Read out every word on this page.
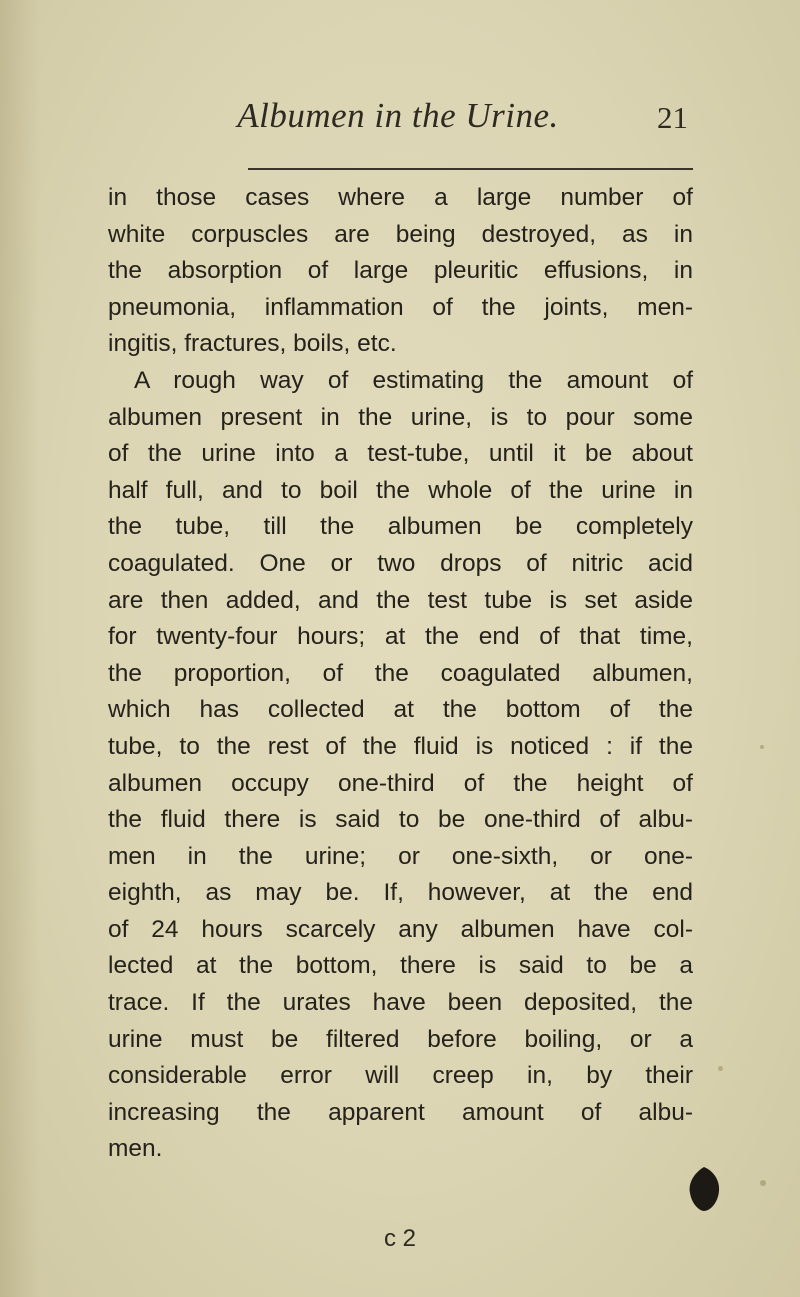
Albumen in the Urine.	21
in those cases where a large number of
white corpuscles are being destroyed, as in
the absorption of large pleuritic effusions, in
pneumonia, inflammation of the joints, men-
ingitis, fractures, boils, etc.
A rough way of estimating the amount of
albumen present in the urine, is to pour some
of the urine into a test-tube, until it be about
half full, and to boil the whole of the urine in
the tube, till the albumen be completely
coagulated. One or two drops of nitric acid
are then added, and the test tube is set aside
for twenty-four hours; at the end of that time,
the proportion, of the coagulated albumen,
which has collected at the bottom of the
tube, to the rest of the fluid is noticed : if the
albumen occupy one-third of the height of
the fluid there is said to be one-third of albu-
men in the urine; or one-sixth, or one-
eighth, as may be. If, however, at the end
of 24 hours scarcely any albumen have col-
lected at the bottom, there is said to be a
trace. If the urates have been deposited, the
urine must be filtered before boiling, or a
considerable error will creep in, by their
increasing the apparent amount of albu-
men.
c 2
